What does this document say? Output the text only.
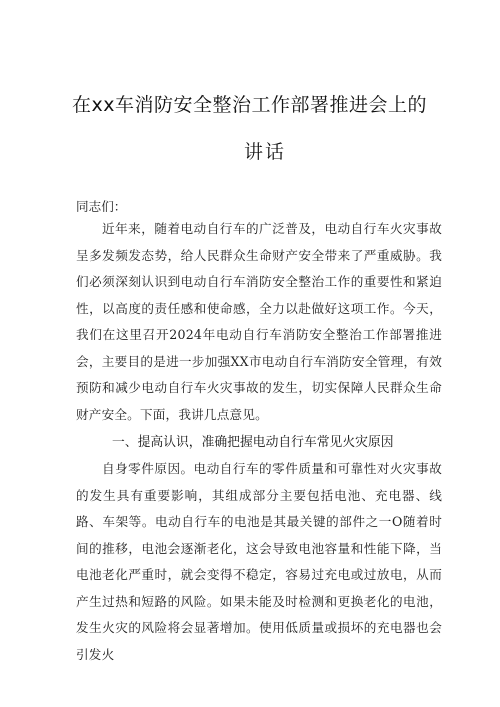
在xx车消防安全整治工作部署推进会上的
讲话
同志们：
近年来，随着电动自行车的广泛普及，电动自行车火灾事故呈多发频发态势，给人民群众生命财产安全带来了严重威胁。我们必须深刻认识到电动自行车消防安全整治工作的重要性和紧迫性，以高度的责任感和使命感，全力以赴做好这项工作。今天，我们在这里召开2024年电动自行车消防安全整治工作部署推进会，主要目的是进一步加强XX市电动自行车消防安全管理，有效预防和减少电动自行车火灾事故的发生，切实保障人民群众生命财产安全。下面，我讲几点意见。
一、提高认识，准确把握电动自行车常见火灾原因
自身零件原因。电动自行车的零件质量和可靠性对火灾事故的发生具有重要影响，其组成部分主要包括电池、充电器、线路、车架等。电动自行车的电池是其最关键的部件之一O随着时间的推移，电池会逐渐老化，这会导致电池容量和性能下降，当电池老化严重时，就会变得不稳定，容易过充电或过放电，从而产生过热和短路的风险。如果未能及时检测和更换老化的电池，发生火灾的风险将会显著增加。使用低质量或损坏的充电器也会引发火
